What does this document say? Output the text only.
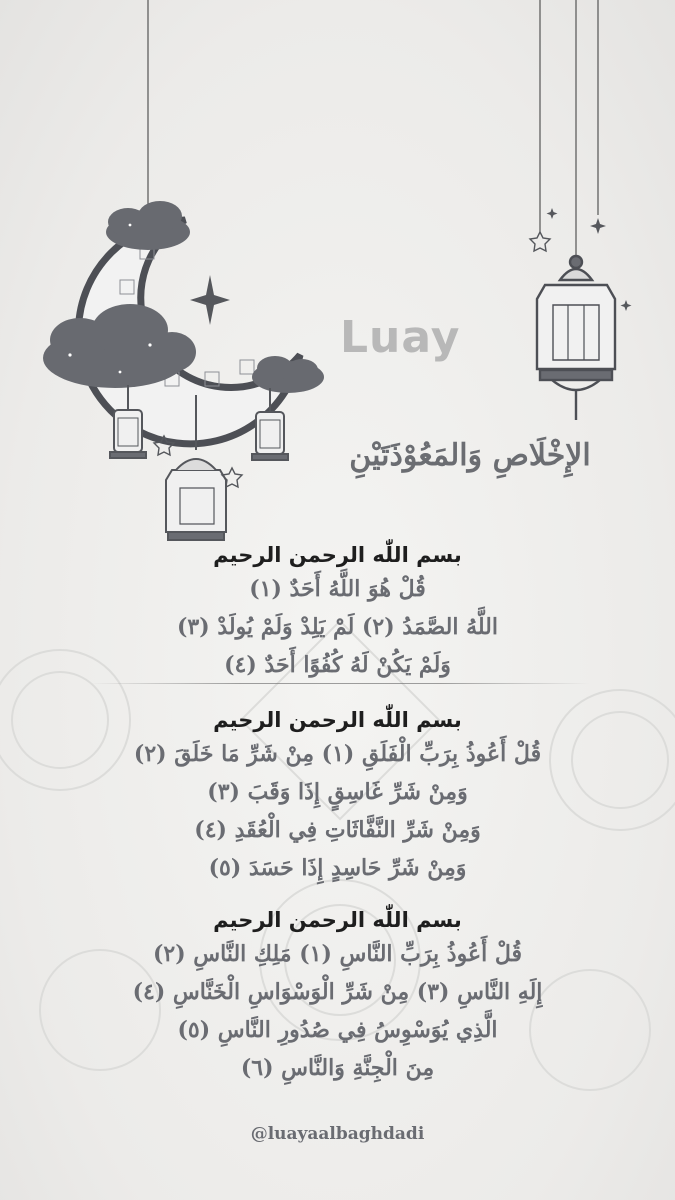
Luay
الإِخْلَاصِ وَالمَعُوْذَتَيْنِ

بسم اللّٰه الرحمن الرحيم

قُلْ هُوَ اللَّهُ أَحَدٌ (١)

اللَّهُ الصَّمَدُ (٢) لَمْ يَلِدْ وَلَمْ يُولَدْ (٣)

وَلَمْ يَكُنْ لَهُ كُفُوًا أَحَدٌ (٤)

بسم اللّٰه الرحمن الرحيم

قُلْ أَعُوذُ بِرَبِّ الْفَلَقِ (١) مِنْ شَرِّ مَا خَلَقَ (٢)

وَمِنْ شَرِّ غَاسِقٍ إِذَا وَقَبَ (٣)

وَمِنْ شَرِّ النَّفَّاثَاتِ فِي الْعُقَدِ (٤)

وَمِنْ شَرِّ حَاسِدٍ إِذَا حَسَدَ (٥)

بسم اللّٰه الرحمن الرحيم

قُلْ أَعُوذُ بِرَبِّ النَّاسِ (١) مَلِكِ النَّاسِ (٢)

إِلَهِ النَّاسِ (٣) مِنْ شَرِّ الْوَسْوَاسِ الْخَنَّاسِ (٤)

الَّذِي يُوَسْوِسُ فِي صُدُورِ النَّاسِ (٥)

مِنَ الْجِنَّةِ وَالنَّاسِ (٦)

@luayaalbaghdadi
